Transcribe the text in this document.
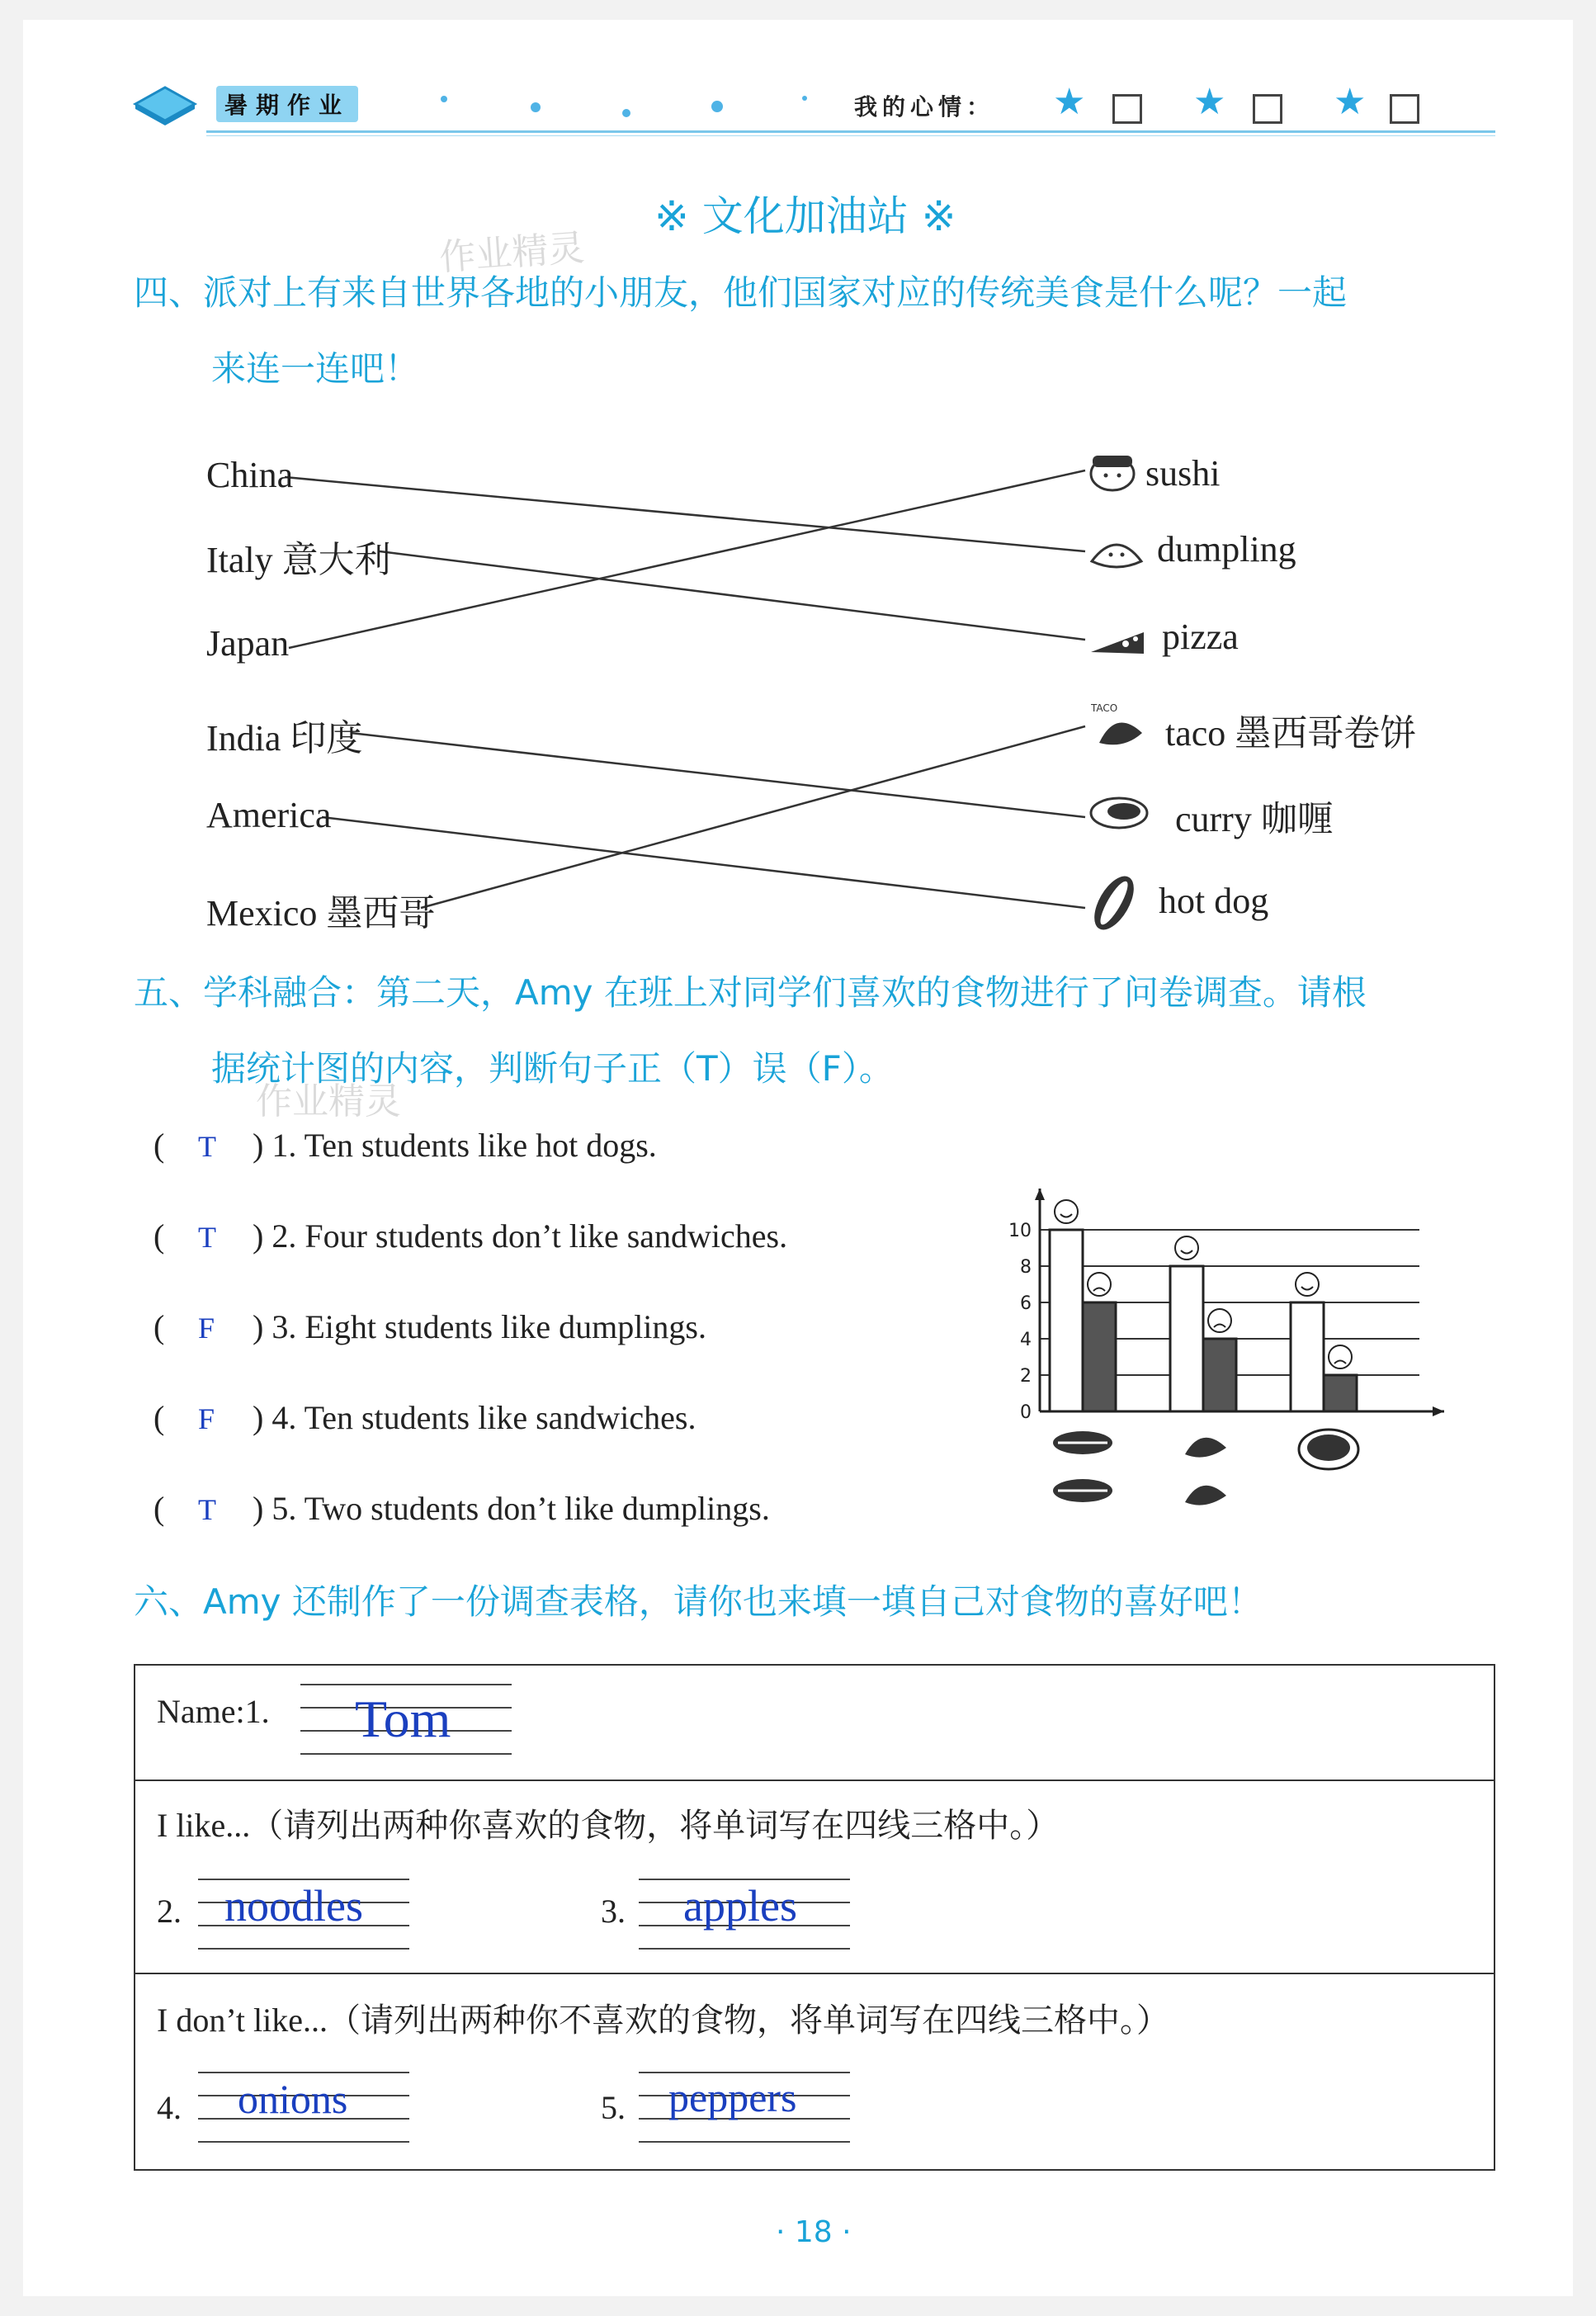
暑期作业	我的心情： ★	★	★
※ 文化加油站 ※
作业精灵
四、派对上有来自世界各地的小朋友，他们国家对应的传统美食是什么呢？一起
来连一连吧！
China
Italy 意大利
Japan
India 印度
America
Mexico 墨西哥
sushi
dumpling
pizza
TACO
taco 墨西哥卷饼
curry 咖喱
hot dog
五、学科融合：第二天，Amy 在班上对同学们喜欢的食物进行了问卷调查。请根
据统计图的内容，判断句子正（T）误（F）。
作业精灵
( T ) 1. Ten students like hot dogs.
( T ) 2. Four students don’t like sandwiches.
( F ) 3. Eight students like dumplings.
( F ) 4. Ten students like sandwiches.
( T ) 5. Two students don’t like dumplings.
10
8
6
4
2
0
六、Amy 还制作了一份调查表格，请你也来填一填自己对食物的喜好吧！
Name:1. Tom

I like...（请列出两种你喜欢的食物，将单词写在四线三格中。）
2. noodles	3. apples

I don’t like...（请列出两种你不喜欢的食物，将单词写在四线三格中。）
4. onions	5. peppers
· 18 ·
